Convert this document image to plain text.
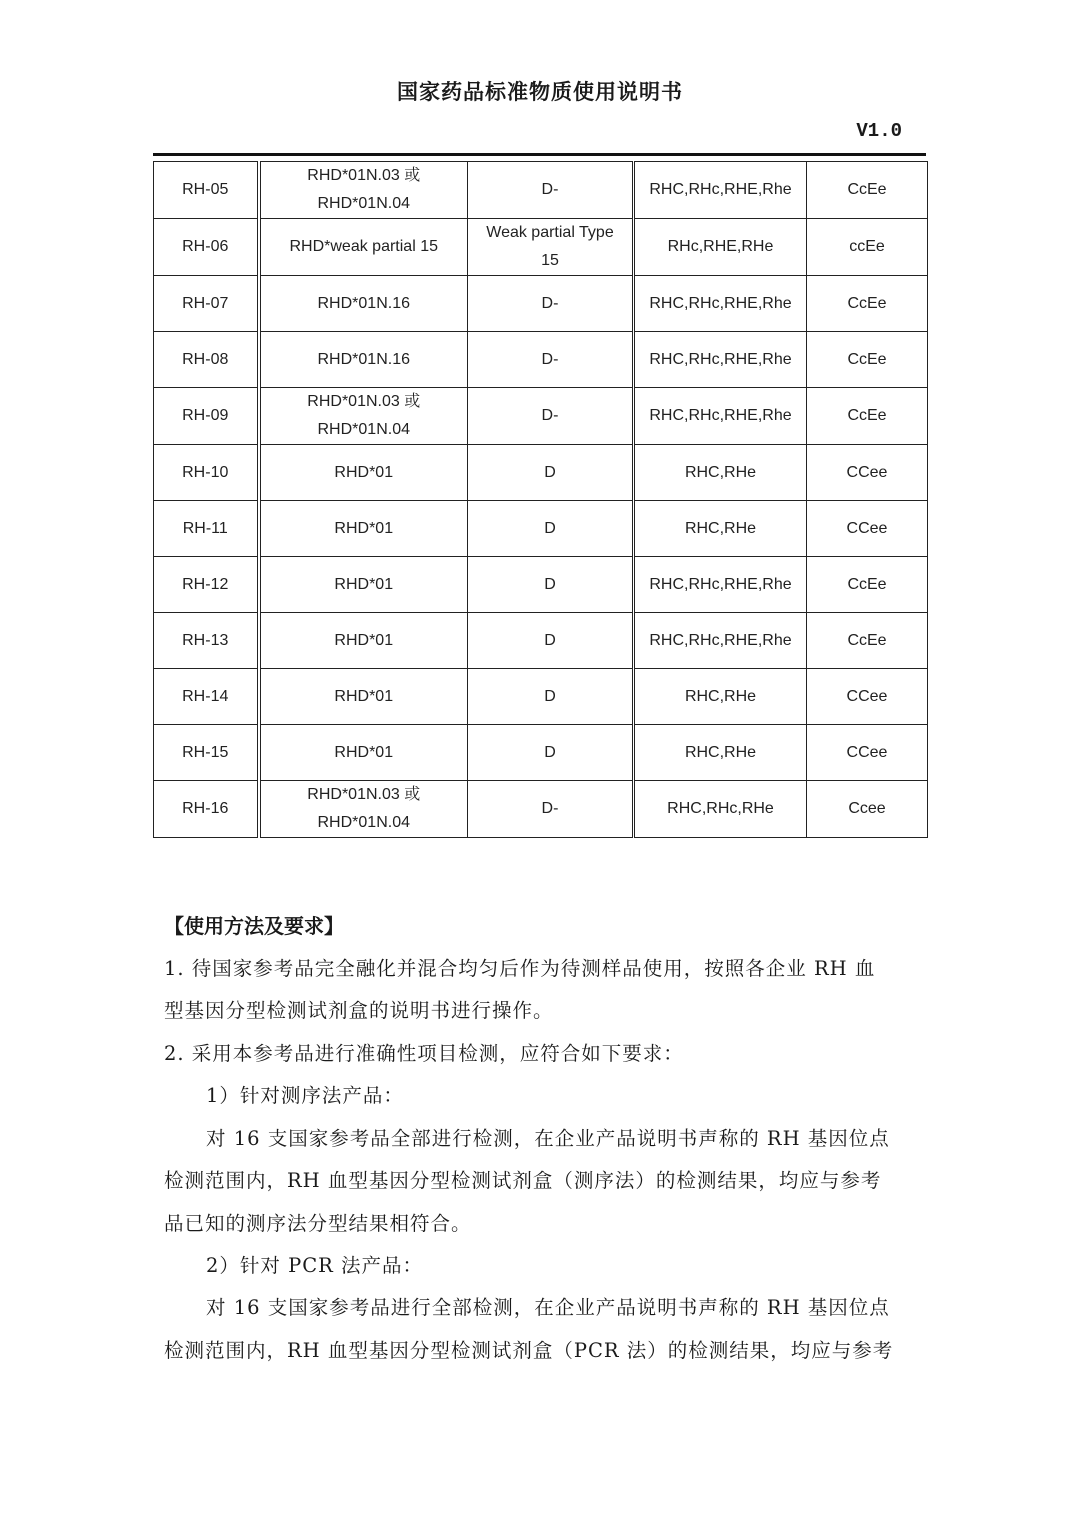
国家药品标准物质使用说明书
V1.0
RH-05	RHD*01N.03 或
RHD*01N.04	D-	RHC,RHc,RHE,Rhe	CcEe
RH-06	RHD*weak partial 15	Weak partial Type
15	RHc,RHE,RHe	ccEe
RH-07	RHD*01N.16	D-	RHC,RHc,RHE,Rhe	CcEe
RH-08	RHD*01N.16	D-	RHC,RHc,RHE,Rhe	CcEe
RH-09	RHD*01N.03 或
RHD*01N.04	D-	RHC,RHc,RHE,Rhe	CcEe
RH-10	RHD*01	D	RHC,RHe	CCee
RH-11	RHD*01	D	RHC,RHe	CCee
RH-12	RHD*01	D	RHC,RHc,RHE,Rhe	CcEe
RH-13	RHD*01	D	RHC,RHc,RHE,Rhe	CcEe
RH-14	RHD*01	D	RHC,RHe	CCee
RH-15	RHD*01	D	RHC,RHe	CCee
RH-16	RHD*01N.03 或
RHD*01N.04	D-	RHC,RHc,RHe	Ccee
【使用方法及要求】
1. 待国家参考品完全融化并混合均匀后作为待测样品使用，按照各企业 RH 血
型基因分型检测试剂盒的说明书进行操作。
2. 采用本参考品进行准确性项目检测，应符合如下要求：
1）针对测序法产品：
对 16 支国家参考品全部进行检测，在企业产品说明书声称的 RH 基因位点
检测范围内，RH 血型基因分型检测试剂盒（测序法）的检测结果，均应与参考
品已知的测序法分型结果相符合。
2）针对 PCR 法产品：
对 16 支国家参考品进行全部检测，在企业产品说明书声称的 RH 基因位点
检测范围内，RH 血型基因分型检测试剂盒（PCR 法）的检测结果，均应与参考
